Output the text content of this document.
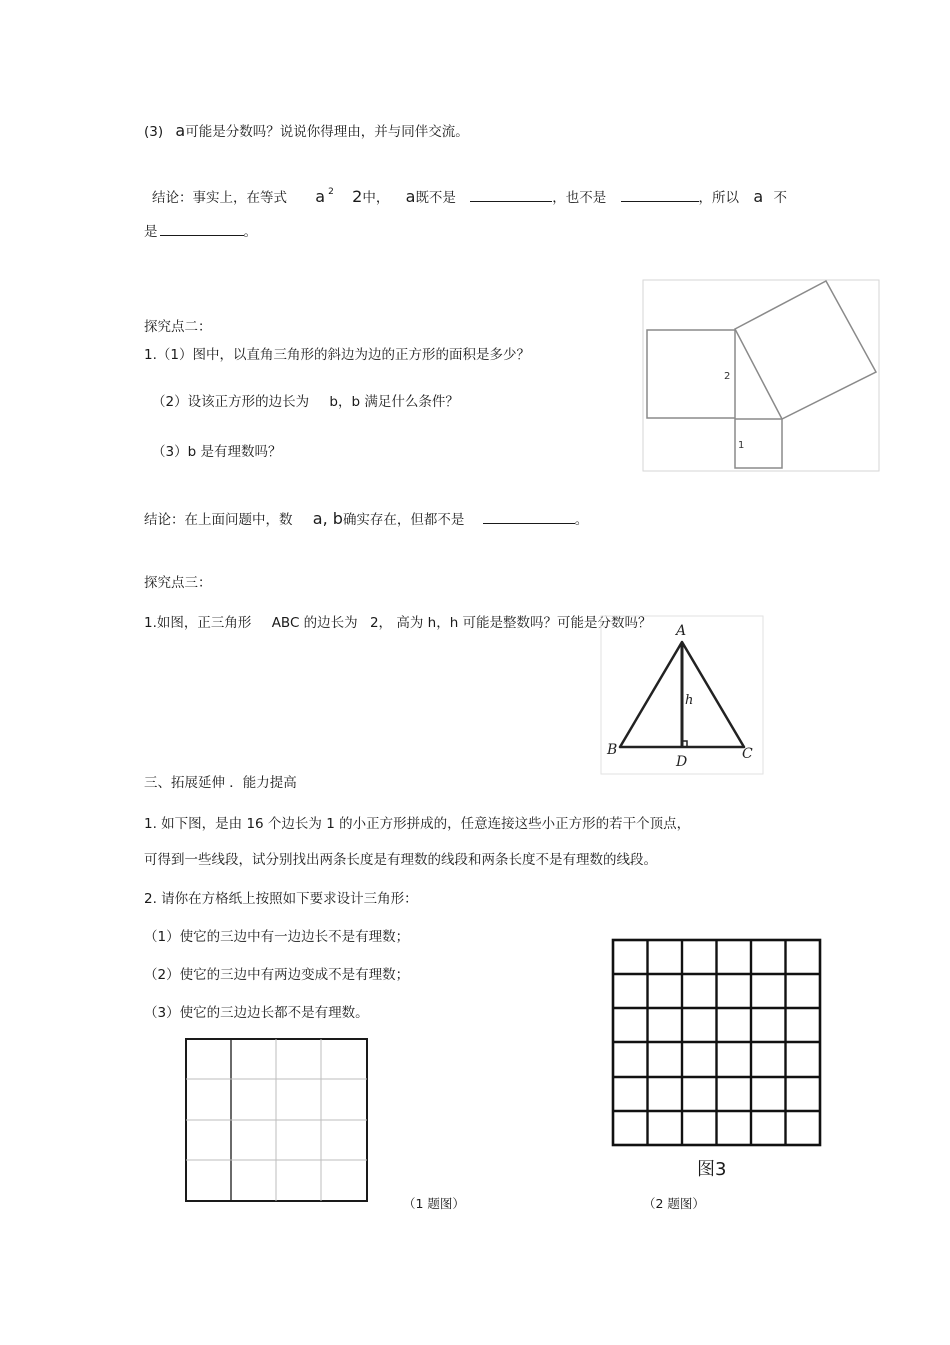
(3) a可能是分数吗？说说你得理由，并与同伴交流。
结论：事实上，在等式 a $^2$ 2中， a既不是	，也不是	，所以 a 不
是	。
探究点二：
1.（1）图中，以直角三角形的斜边为边的正方形的面积是多少？
（2）设该正方形的边长为 b，b 满足什么条件？
（3）b 是有理数吗？
2
1
结论：在上面问题中，数 a, b确实存在，但都不是	。
探究点三：
1.如图，正三角形 ABC 的边长为 2， 高为 h，h 可能是整数吗？可能是分数吗？ A
B	C
D
h
三、拓展延伸 ．能力提高
1. 如下图，是由 16 个边长为 1 的小正方形拼成的，任意连接这些小正方形的若干个顶点，
可得到一些线段，试分别找出两条长度是有理数的线段和两条长度不是有理数的线段。
2. 请你在方格纸上按照如下要求设计三角形：
（1）使它的三边中有一边边长不是有理数；
（2）使它的三边中有两边变成不是有理数；
（3）使它的三边边长都不是有理数。
图3
（1 题图）	（2 题图）
